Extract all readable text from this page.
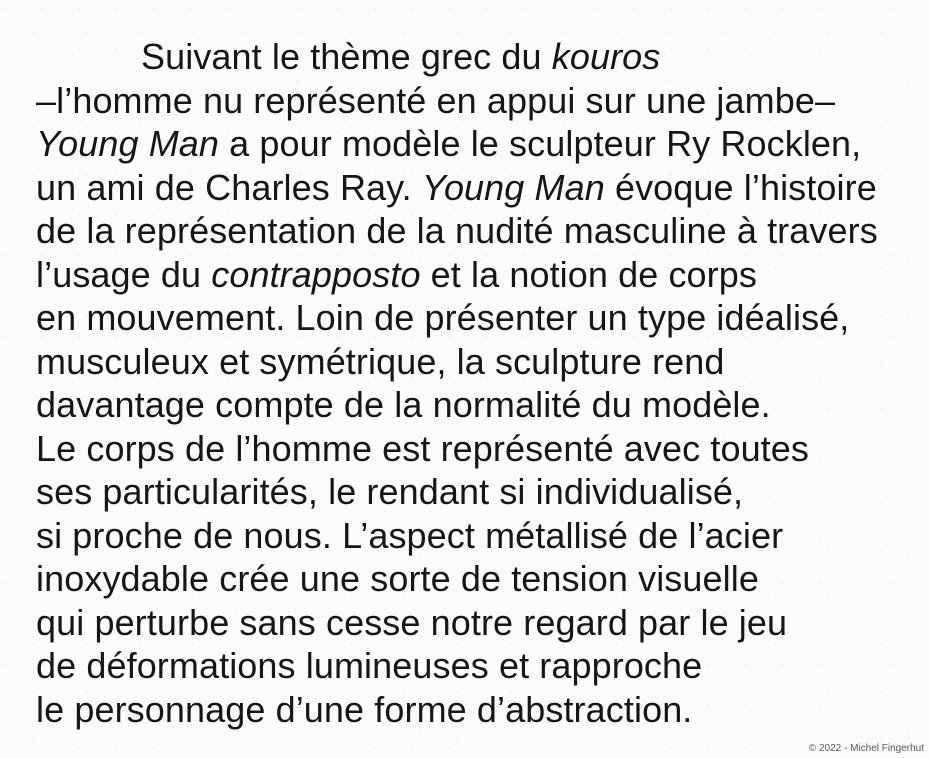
Suivant le thème grec du kouros
–l’homme nu représenté en appui sur une jambe–
Young Man a pour modèle le sculpteur Ry Rocklen,
un ami de Charles Ray. Young Man évoque l’histoire
de la représentation de la nudité masculine à travers
l’usage du contrapposto et la notion de corps
en mouvement. Loin de présenter un type idéalisé,
musculeux et symétrique, la sculpture rend
davantage compte de la normalité du modèle.
Le corps de l’homme est représenté avec toutes
ses particularités, le rendant si individualisé,
si proche de nous. L’aspect métallisé de l’acier
inoxydable crée une sorte de tension visuelle
qui perturbe sans cesse notre regard par le jeu
de déformations lumineuses et rapproche
le personnage d’une forme d’abstraction.
© 2022 - Michel Fingerhut
